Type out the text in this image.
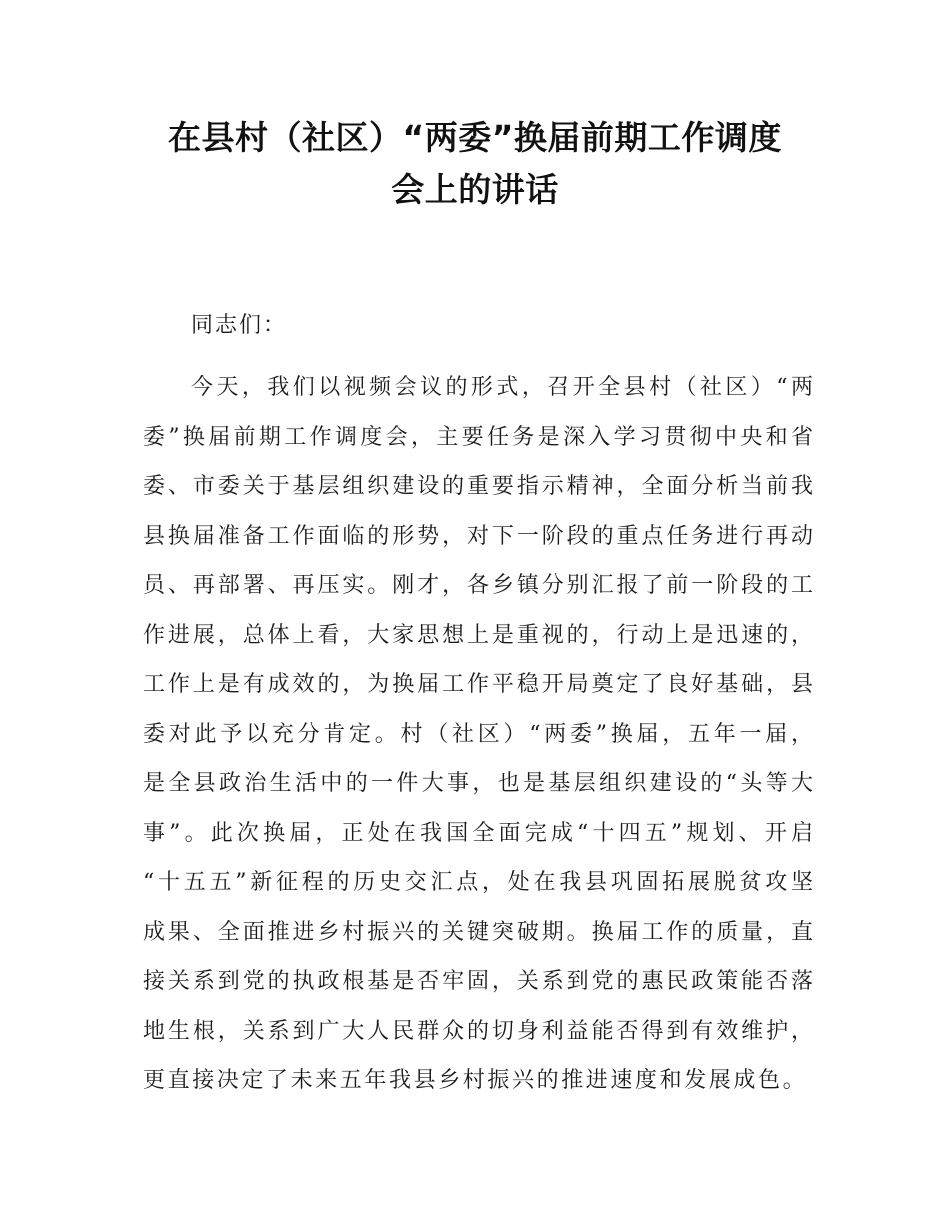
在县村（社区）“两委”换届前期工作调度
会上的讲话
同志们：
今天，我们以视频会议的形式，召开全县村（社区）“两
委”换届前期工作调度会，主要任务是深入学习贯彻中央和省
委、市委关于基层组织建设的重要指示精神，全面分析当前我
县换届准备工作面临的形势，对下一阶段的重点任务进行再动
员、再部署、再压实。刚才，各乡镇分别汇报了前一阶段的工
作进展，总体上看，大家思想上是重视的，行动上是迅速的，
工作上是有成效的，为换届工作平稳开局奠定了良好基础，县
委对此予以充分肯定。村（社区）“两委”换届，五年一届，
是全县政治生活中的一件大事，也是基层组织建设的“头等大
事”。此次换届，正处在我国全面完成“十四五”规划、开启
“十五五”新征程的历史交汇点，处在我县巩固拓展脱贫攻坚
成果、全面推进乡村振兴的关键突破期。换届工作的质量，直
接关系到党的执政根基是否牢固，关系到党的惠民政策能否落
地生根，关系到广大人民群众的切身利益能否得到有效维护，
更直接决定了未来五年我县乡村振兴的推进速度和发展成色。
